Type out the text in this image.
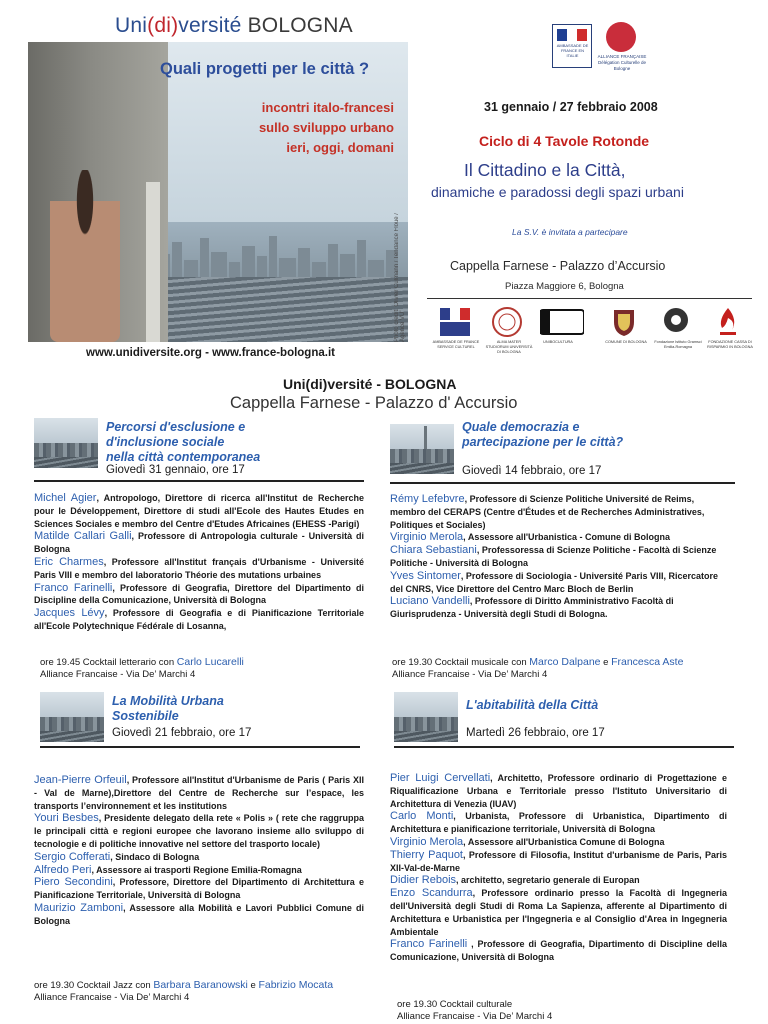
Uni(di)versité BOLOGNA
Quali progetti per le città ?
incontri italo-francesi
sullo sviluppo urbano
ieri, oggi, domani
Photo credit: Olivier Culmann / Tendance Floue / Agence VU'
www.unidiversite.org - www.france-bologna.it
AMBASSADE DE FRANCE EN ITALIE	ALLIANCE FRANÇAISE Délégation Culturelle de Bologne
31 gennaio / 27 febbraio 2008
Ciclo di 4 Tavole Rotonde
Il Cittadino e la Città,
dinamiche e paradossi degli spazi urbani
La S.V. è invitata a partecipare
Cappella Farnese - Palazzo d’Accursio
Piazza Maggiore 6, Bologna
AMBASSADE DE FRANCE SERVICE CULTUREL
ALMA MATER STUDIORUM UNIVERSITÀ DI BOLOGNA
UNIBOCULTURA	COMUNE DI BOLOGNA	Fondazione Istituto Gramsci Emilia-Romagna
FONDAZIONE CASSA DI RISPARMIO IN BOLOGNA
Uni(di)versité - BOLOGNA
Cappella Farnese - Palazzo d' Accursio
Percorsi d'esclusione e
d'inclusione sociale
nella città contemporanea
Giovedì 31 gennaio, ore 17

Michel Agier, Antropologo, Direttore di ricerca all'Institut de Recherche pour le Développement, Direttore di studi all'Ecole des Hautes Etudes en Sciences Sociales e membro del Centre d'Etudes Africaines (EHESS -Parigi)

Matilde Callari Galli, Professore di Antropologia culturale - Università di Bologna

Eric Charmes, Professore all'Institut français d'Urbanisme - Université Paris VIII e membro del laboratorio Théorie des mutations urbaines

Franco Farinelli, Professore di Geografia, Direttore del Dipartimento di Discipline della Comunicazione, Università di Bologna

Jacques Lévy, Professore di Geografia e di Pianificazione Territoriale all'Ecole Polytechnique Fédérale di Losanna,

ore 19.45 Cocktail letterario con Carlo Lucarelli
Alliance Francaise - Via De’ Marchi 4
Quale democrazia e
partecipazione per le città?
Giovedì 14 febbraio, ore 17

Rémy Lefebvre, Professore di Scienze Politiche Université de Reims, membro del CERAPS (Centre d'Études et de Recherches Administratives, Politiques et Sociales)

Virginio Merola, Assessore all'Urbanistica - Comune di Bologna

Chiara Sebastiani, Professoressa di Scienze Politiche - Facoltà di Scienze Politiche - Università di Bologna

Yves Sintomer, Professore di Sociologia - Université Paris VIII, Ricercatore del CNRS, Vice Direttore del Centro Marc Bloch de Berlin

Luciano Vandelli, Professore di Diritto Amministrativo Facoltà di Giurisprudenza - Università degli Studi di Bologna.

ore 19.30 Cocktail musicale con Marco Dalpane e Francesca Aste
Alliance Francaise - Via De’ Marchi 4
La Mobilità Urbana
Sostenibile
Giovedì 21 febbraio, ore 17

Jean-Pierre Orfeuil, Professore all'Institut d'Urbanisme de Paris ( Paris XII - Val de Marne),Direttore del Centre de Recherche sur l’espace, les transports l’environnement et les institutions

Youri Besbes, Presidente delegato della rete « Polis » ( rete che raggruppa le principali città e regioni europee che lavorano insieme allo sviluppo di tecnologie e di politiche innovative nel settore del trasporto locale)

Sergio Cofferati, Sindaco di Bologna

Alfredo Peri, Assessore ai trasporti Regione Emilia-Romagna

Piero Secondini, Professore, Direttore del Dipartimento di Architettura e Pianificazione Territoriale, Università di Bologna

Maurizio Zamboni, Assessore alla Mobilità e Lavori Pubblici Comune di Bologna

ore 19.30 Cocktail Jazz con Barbara Baranowski e Fabrizio Mocata
Alliance Francaise - Via De’ Marchi 4
L'abitabilità della Città
Martedì 26 febbraio, ore 17

Pier Luigi Cervellati, Architetto, Professore ordinario di Progettazione e Riqualificazione Urbana e Territoriale presso l'Istituto Universitario di Architettura di Venezia (IUAV)

Carlo Monti, Urbanista, Professore di Urbanistica, Dipartimento di Architettura e pianificazione territoriale, Università di Bologna

Virginio Merola, Assessore all'Urbanistica Comune di Bologna

Thierry Paquot, Professore di Filosofia, Institut d'urbanisme de Paris, Paris XII-Val-de-Marne

Didier Rebois, architetto, segretario generale di Europan

Enzo Scandurra, Professore ordinario presso la Facoltà di Ingegneria dell'Università degli Studi di Roma La Sapienza, afferente al Dipartimento di Architettura e Urbanistica per l'Ingegneria e al Consiglio d'Area in Ingegneria Ambientale

Franco Farinelli , Professore di Geografia, Dipartimento di Discipline della Comunicazione, Università di Bologna

ore 19.30 Cocktail culturale
Alliance Francaise - Via De’ Marchi 4
